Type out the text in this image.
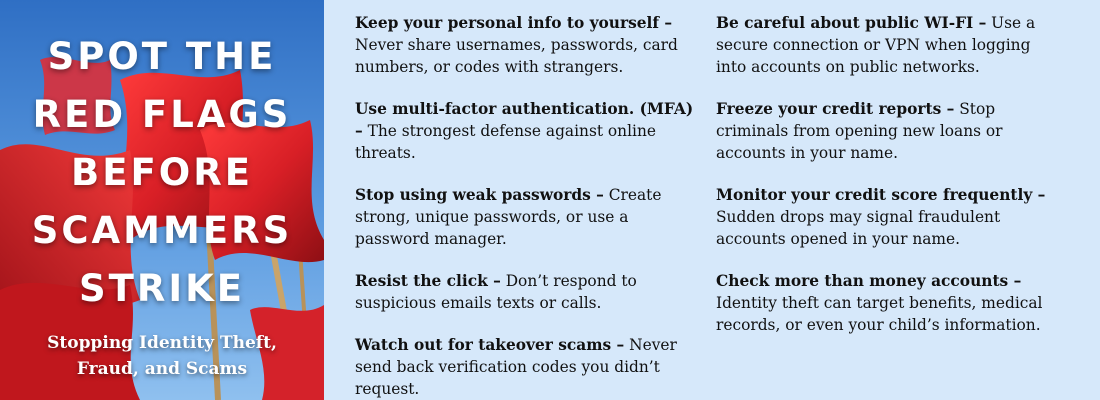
SPOT THE
RED FLAGS
BEFORE
SCAMMERS
STRIKE

Stopping Identity Theft,
Fraud, and Scams

Keep your personal info to yourself – Never share usernames, passwords, card numbers, or codes with strangers.

Use multi-factor authentication. (MFA) – The strongest defense against online threats.

Stop using weak passwords – Create strong, unique passwords, or use a password manager.

Resist the click – Don’t respond to suspicious emails texts or calls.

Watch out for takeover scams – Never send back verification codes you didn’t request.

Be careful about public WI-FI – Use a secure connection or VPN when logging into accounts on public networks.

Freeze your credit reports – Stop criminals from opening new loans or accounts in your name.

Monitor your credit score frequently – Sudden drops may signal fraudulent accounts opened in your name.

Check more than money accounts – Identity theft can target benefits, medical records, or even your child’s information.
